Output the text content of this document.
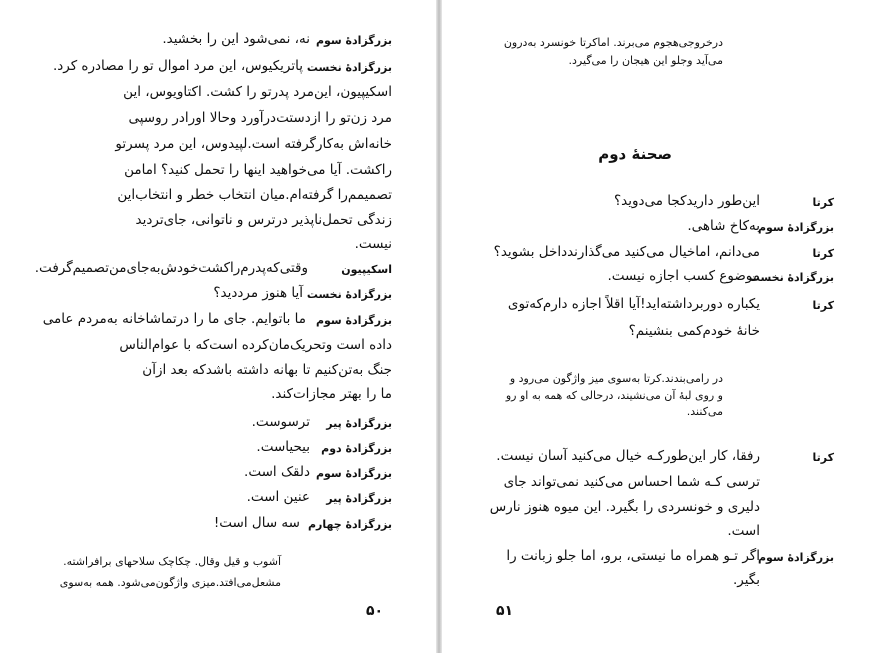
بزرگزادهٔ سوم
نه، نمی‌شود این را بخشید.
بزرگزادهٔ نخست
پاتریکیوس، این مرد اموال تو را مصادره کرد.
اسکیپیون، این‌مرد پدرتو را کشت. اکتاویوس، این
مرد زن‌تو را ازدستت‌درآورد وحالا اورادر روسپی
خانه‌اش به‌کارگرفته است.لپیدوس، این مرد پسرتو
راکشت. آیا می‌خواهید اینها را تحمل کنید؟ امامن
تصمیمم‌را گرفته‌ام.میان انتخاب خطر و انتخاب‌این
زندگی تحمل‌ناپذیر درترس و ناتوانی، جای‌تردید
نیست.
اسکیپیون
وقتی‌که‌پدرم‌راکشت‌خودش‌به‌جای‌من‌تصمیم‌گرفت.
بزرگزادهٔ نخست
آیا هنوز مرددید؟
بزرگزادهٔ سوم
ما باتوایم. جای ما را درتماشاخانه به‌مردم عامی
داده است وتحریک‌مان‌کرده است‌که با عوام‌الناس
جنگ به‌تن‌کنیم تا بهانه داشته باشدکه بعد ازآن
ما را بهتر مجازات‌کند.
بزرگزادهٔ پیر
ترسوست.
بزرگزادهٔ دوم
بیحیاست.
بزرگزادهٔ سوم
دلقک است.
بزرگزادهٔ پیر
عنین است.
بزرگزادهٔ چهارم
سه سال است!
آشوب و قیل وقال. چکاچک سلاحهای برافراشته.
مشعل‌می‌افتد.میزی واژگون‌می‌شود. همه به‌سوی
۵۰
درخروجی‌هجوم می‌برند. اماکرتا خونسرد به‌درون
می‌آید وجلو این هیجان را می‌گیرد.
صحنهٔ دوم
کرتا
این‌طور داریدکجا می‌دوید؟
بزرگزادهٔ سوم
به‌کاخ شاهی.
کرتا
می‌دانم، اماخیال می‌کنید می‌گذارندداخل بشوید؟
بزرگزادهٔ نخست
موضوع کسب اجازه نیست.
کرتا
یکباره دوربرداشته‌اید!آیا اقلاً اجازه دارم‌که‌توی
خانهٔ خودم‌کمی بنشینم؟
در رامی‌بندند.کرتا به‌سوی میز واژگون می‌رود و
و روی لبهٔ آن می‌نشیند، درحالی که همه به او رو
می‌کنند.
کرتا
رفقا، کار این‌طورکـه خیال می‌کنید آسان نیست.
ترسی کـه شما احساس می‌کنید نمی‌تواند جای
دلیری و خونسردی را بگیرد. این میوه هنوز نارس
است.
بزرگزادهٔ سوم
اگر تـو همراه ما نیستی، برو، اما جلو زبانت را
بگیر.
۵۱
